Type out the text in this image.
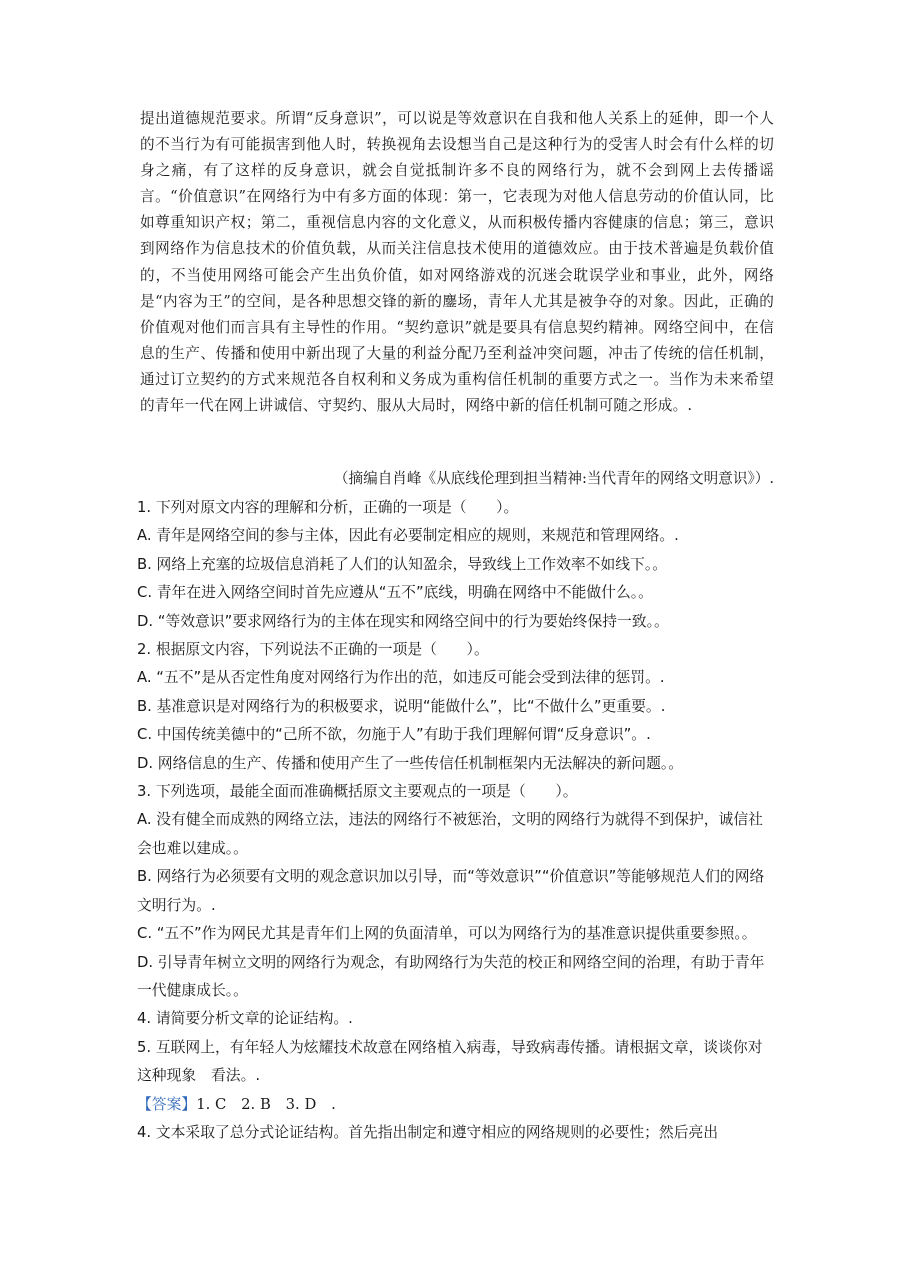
提出道德规范要求。所谓“反身意识”，可以说是等效意识在自我和他人关系上的延伸，即一个人的不当行为有可能损害到他人时，转换视角去设想当自己是这种行为的受害人时会有什么样的切身之痛，有了这样的反身意识，就会自觉抵制许多不良的网络行为，就不会到网上去传播谣言。“价值意识”在网络行为中有多方面的体现：第一，它表现为对他人信息劳动的价值认同，比如尊重知识产权；第二，重视信息内容的文化意义，从而积极传播内容健康的信息；第三，意识到网络作为信息技术的价值负载，从而关注信息技术使用的道德效应。由于技术普遍是负载价值的，不当使用网络可能会产生出负价值，如对网络游戏的沉迷会耽误学业和事业，此外，网络是“内容为王”的空间，是各种思想交锋的新的鏖场，青年人尤其是被争夺的对象。因此，正确的价值观对他们而言具有主导性的作用。“契约意识”就是要具有信息契约精神。网络空间中，在信息的生产、传播和使用中新出现了大量的利益分配乃至利益冲突问题，冲击了传统的信任机制，通过订立契约的方式来规范各自权利和义务成为重构信任机制的重要方式之一。当作为未来希望的青年一代在网上讲诚信、守契约、服从大局时，网络中新的信任机制可随之形成。.

（摘编自肖峰《从底线伦理到担当精神:当代青年的网络文明意识》）.

1. 下列对原文内容的理解和分析，正确的一项是（　　）。

A. 青年是网络空间的参与主体，因此有必要制定相应的规则，来规范和管理网络。.

B. 网络上充塞的垃圾信息消耗了人们的认知盈余，导致线上工作效率不如线下。。

C. 青年在进入网络空间时首先应遵从“五不”底线，明确在网络中不能做什么。。

D. “等效意识”要求网络行为的主体在现实和网络空间中的行为要始终保持一致。。

2. 根据原文内容，下列说法不正确的一项是（　　）。

A. “五不”是从否定性角度对网络行为作出的范，如违反可能会受到法律的惩罚。.

B. 基准意识是对网络行为的积极要求，说明“能做什么”，比“不做什么”更重要。.

C. 中国传统美德中的“己所不欲，勿施于人”有助于我们理解何谓“反身意识”。.

D. 网络信息的生产、传播和使用产生了一些传信任机制框架内无法解决的新问题。。

3. 下列选项，最能全面而准确概括原文主要观点的一项是（　　）。

A. 没有健全而成熟的网络立法，违法的网络行不被惩治，文明的网络行为就得不到保护，诚信社会也难以建成。。

B. 网络行为必须要有文明的观念意识加以引导，而“等效意识”“价值意识”等能够规范人们的网络文明行为。.

C. “五不”作为网民尤其是青年们上网的负面清单，可以为网络行为的基准意识提供重要参照。。

D. 引导青年树立文明的网络行为观念，有助网络行为失范的校正和网络空间的治理，有助于青年一代健康成长。。

4. 请简要分析文章的论证结构。.

5. 互联网上，有年轻人为炫耀技术故意在网络植入病毒，导致病毒传播。请根据文章，谈谈你对这种现象　看法。.

【答案】1. C　2. B　3. D　.

4. 文本采取了总分式论证结构。首先指出制定和遵守相应的网络规则的必要性；然后亮出
